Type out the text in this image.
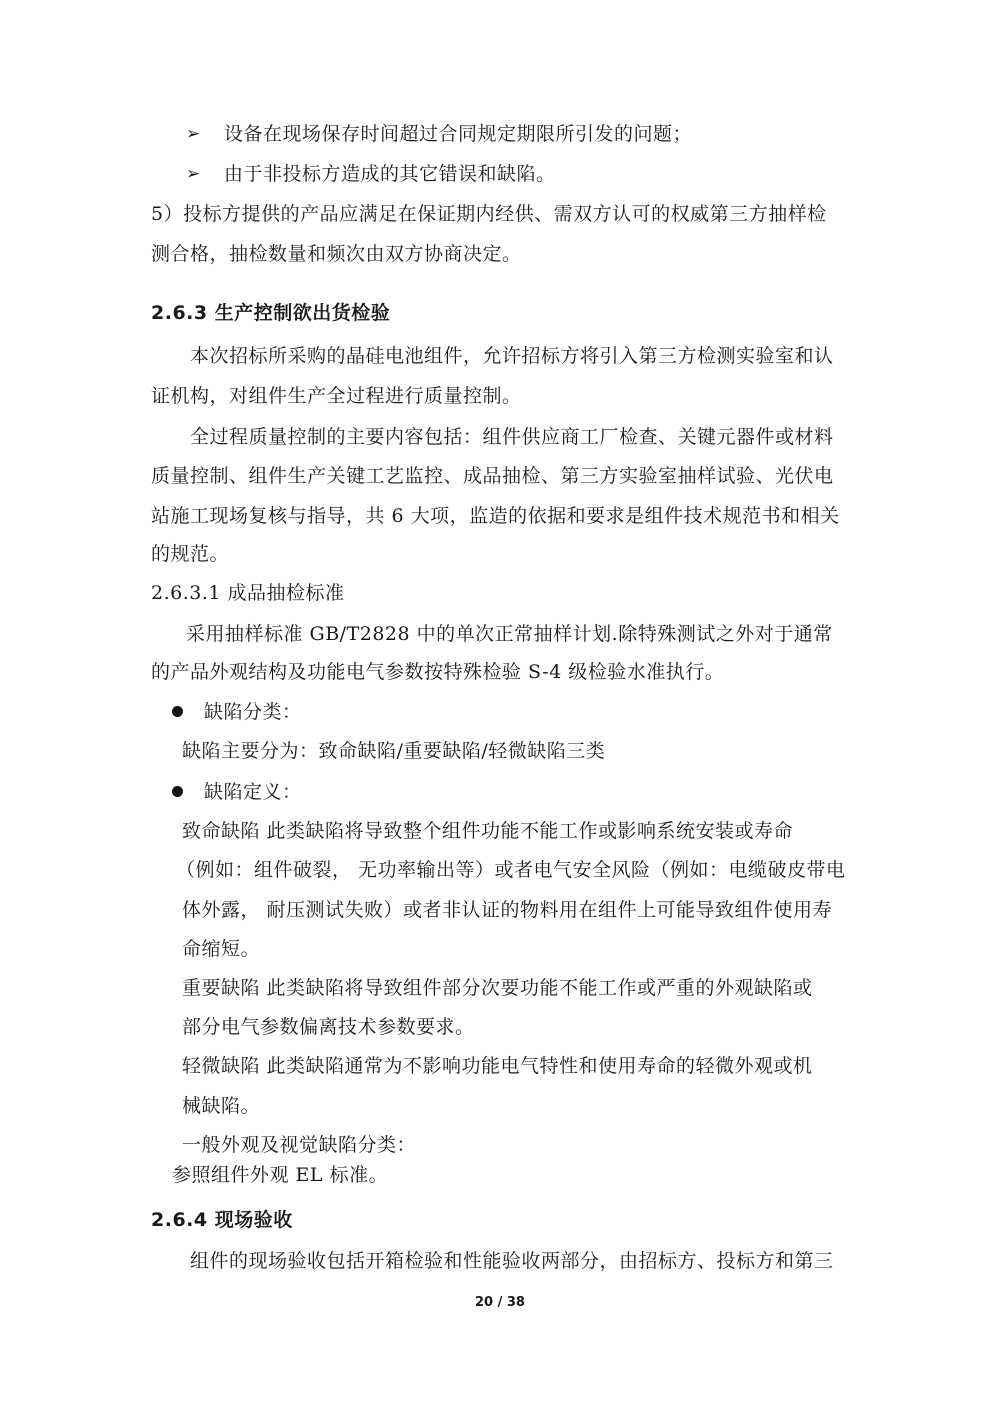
➢ 设备在现场保存时间超过合同规定期限所引发的问题；
➢ 由于非投标方造成的其它错误和缺陷。
5）投标方提供的产品应满足在保证期内经供、需双方认可的权威第三方抽样检
测合格，抽检数量和频次由双方协商决定。
2.6.3 生产控制欲出货检验
本次招标所采购的晶硅电池组件，允许招标方将引入第三方检测实验室和认
证机构，对组件生产全过程进行质量控制。
全过程质量控制的主要内容包括：组件供应商工厂检查、关键元器件或材料
质量控制、组件生产关键工艺监控、成品抽检、第三方实验室抽样试验、光伏电
站施工现场复核与指导，共 6 大项，监造的依据和要求是组件技术规范书和相关
的规范。
2.6.3.1 成品抽检标准
采用抽样标准 GB/T2828 中的单次正常抽样计划.除特殊测试之外对于通常
的产品外观结构及功能电气参数按特殊检验 S-4 级检验水准执行。
缺陷分类：
缺陷主要分为：致命缺陷/重要缺陷/轻微缺陷三类
缺陷定义：
致命缺陷 此类缺陷将导致整个组件功能不能工作或影响系统安装或寿命
（例如：组件破裂， 无功率输出等）或者电气安全风险（例如：电缆破皮带电
体外露， 耐压测试失败）或者非认证的物料用在组件上可能导致组件使用寿
命缩短。
重要缺陷 此类缺陷将导致组件部分次要功能不能工作或严重的外观缺陷或
部分电气参数偏离技术参数要求。
轻微缺陷 此类缺陷通常为不影响功能电气特性和使用寿命的轻微外观或机
械缺陷。
一般外观及视觉缺陷分类：
参照组件外观 EL 标准。
2.6.4 现场验收
组件的现场验收包括开箱检验和性能验收两部分，由招标方、投标方和第三
20 / 38
